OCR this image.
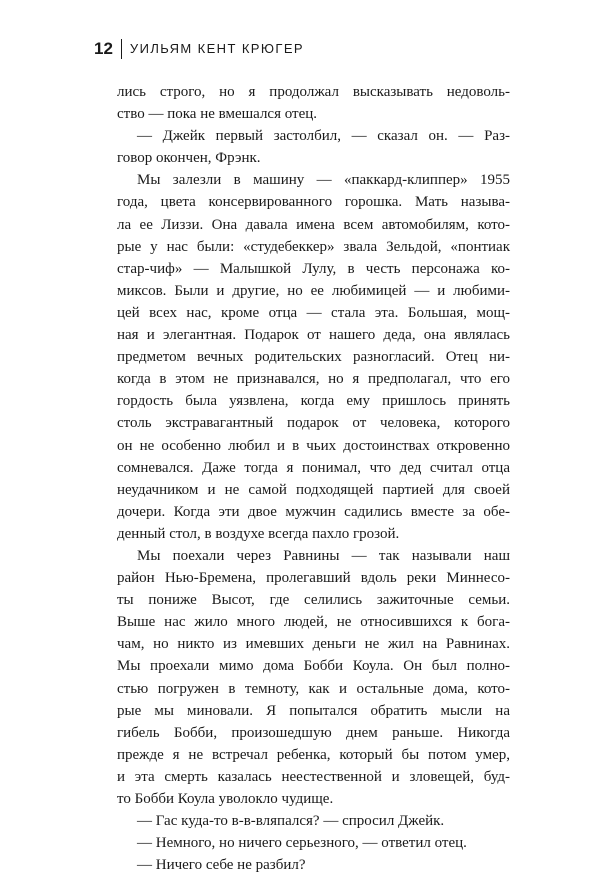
12	УИЛЬЯМ КЕНТ КРЮГЕР
лись строго, но я продолжал высказывать недоволь-
ство — пока не вмешался отец.
— Джейк первый застолбил, — сказал он. — Раз-
говор окончен, Фрэнк.
Мы залезли в машину — «паккард-клиппер» 1955
года, цвета консервированного горошка. Мать называ-
ла ее Лиззи. Она давала имена всем автомобилям, кото-
рые у нас были: «студебеккер» звала Зельдой, «понтиак
стар-чиф» — Малышкой Лулу, в честь персонажа ко-
миксов. Были и другие, но ее любимицей — и любими-
цей всех нас, кроме отца — стала эта. Большая, мощ-
ная и элегантная. Подарок от нашего деда, она являлась
предметом вечных родительских разногласий. Отец ни-
когда в этом не признавался, но я предполагал, что его
гордость была уязвлена, когда ему пришлось принять
столь экстравагантный подарок от человека, которого
он не особенно любил и в чьих достоинствах откровенно
сомневался. Даже тогда я понимал, что дед считал отца
неудачником и не самой подходящей партией для своей
дочери. Когда эти двое мужчин садились вместе за обе-
денный стол, в воздухе всегда пахло грозой.
Мы поехали через Равнины — так называли наш
район Нью-Бремена, пролегавший вдоль реки Миннесо-
ты пониже Высот, где селились зажиточные семьи.
Выше нас жило много людей, не относившихся к бога-
чам, но никто из имевших деньги не жил на Равнинах.
Мы проехали мимо дома Бобби Коула. Он был полно-
стью погружен в темноту, как и остальные дома, кото-
рые мы миновали. Я попытался обратить мысли на
гибель Бобби, произошедшую днем раньше. Никогда
прежде я не встречал ребенка, который бы потом умер,
и эта смерть казалась неестественной и зловещей, буд-
то Бобби Коула уволокло чудище.
— Гас куда-то в-в-вляпался? — спросил Джейк.
— Немного, но ничего серьезного, — ответил отец.
— Ничего себе не разбил?
